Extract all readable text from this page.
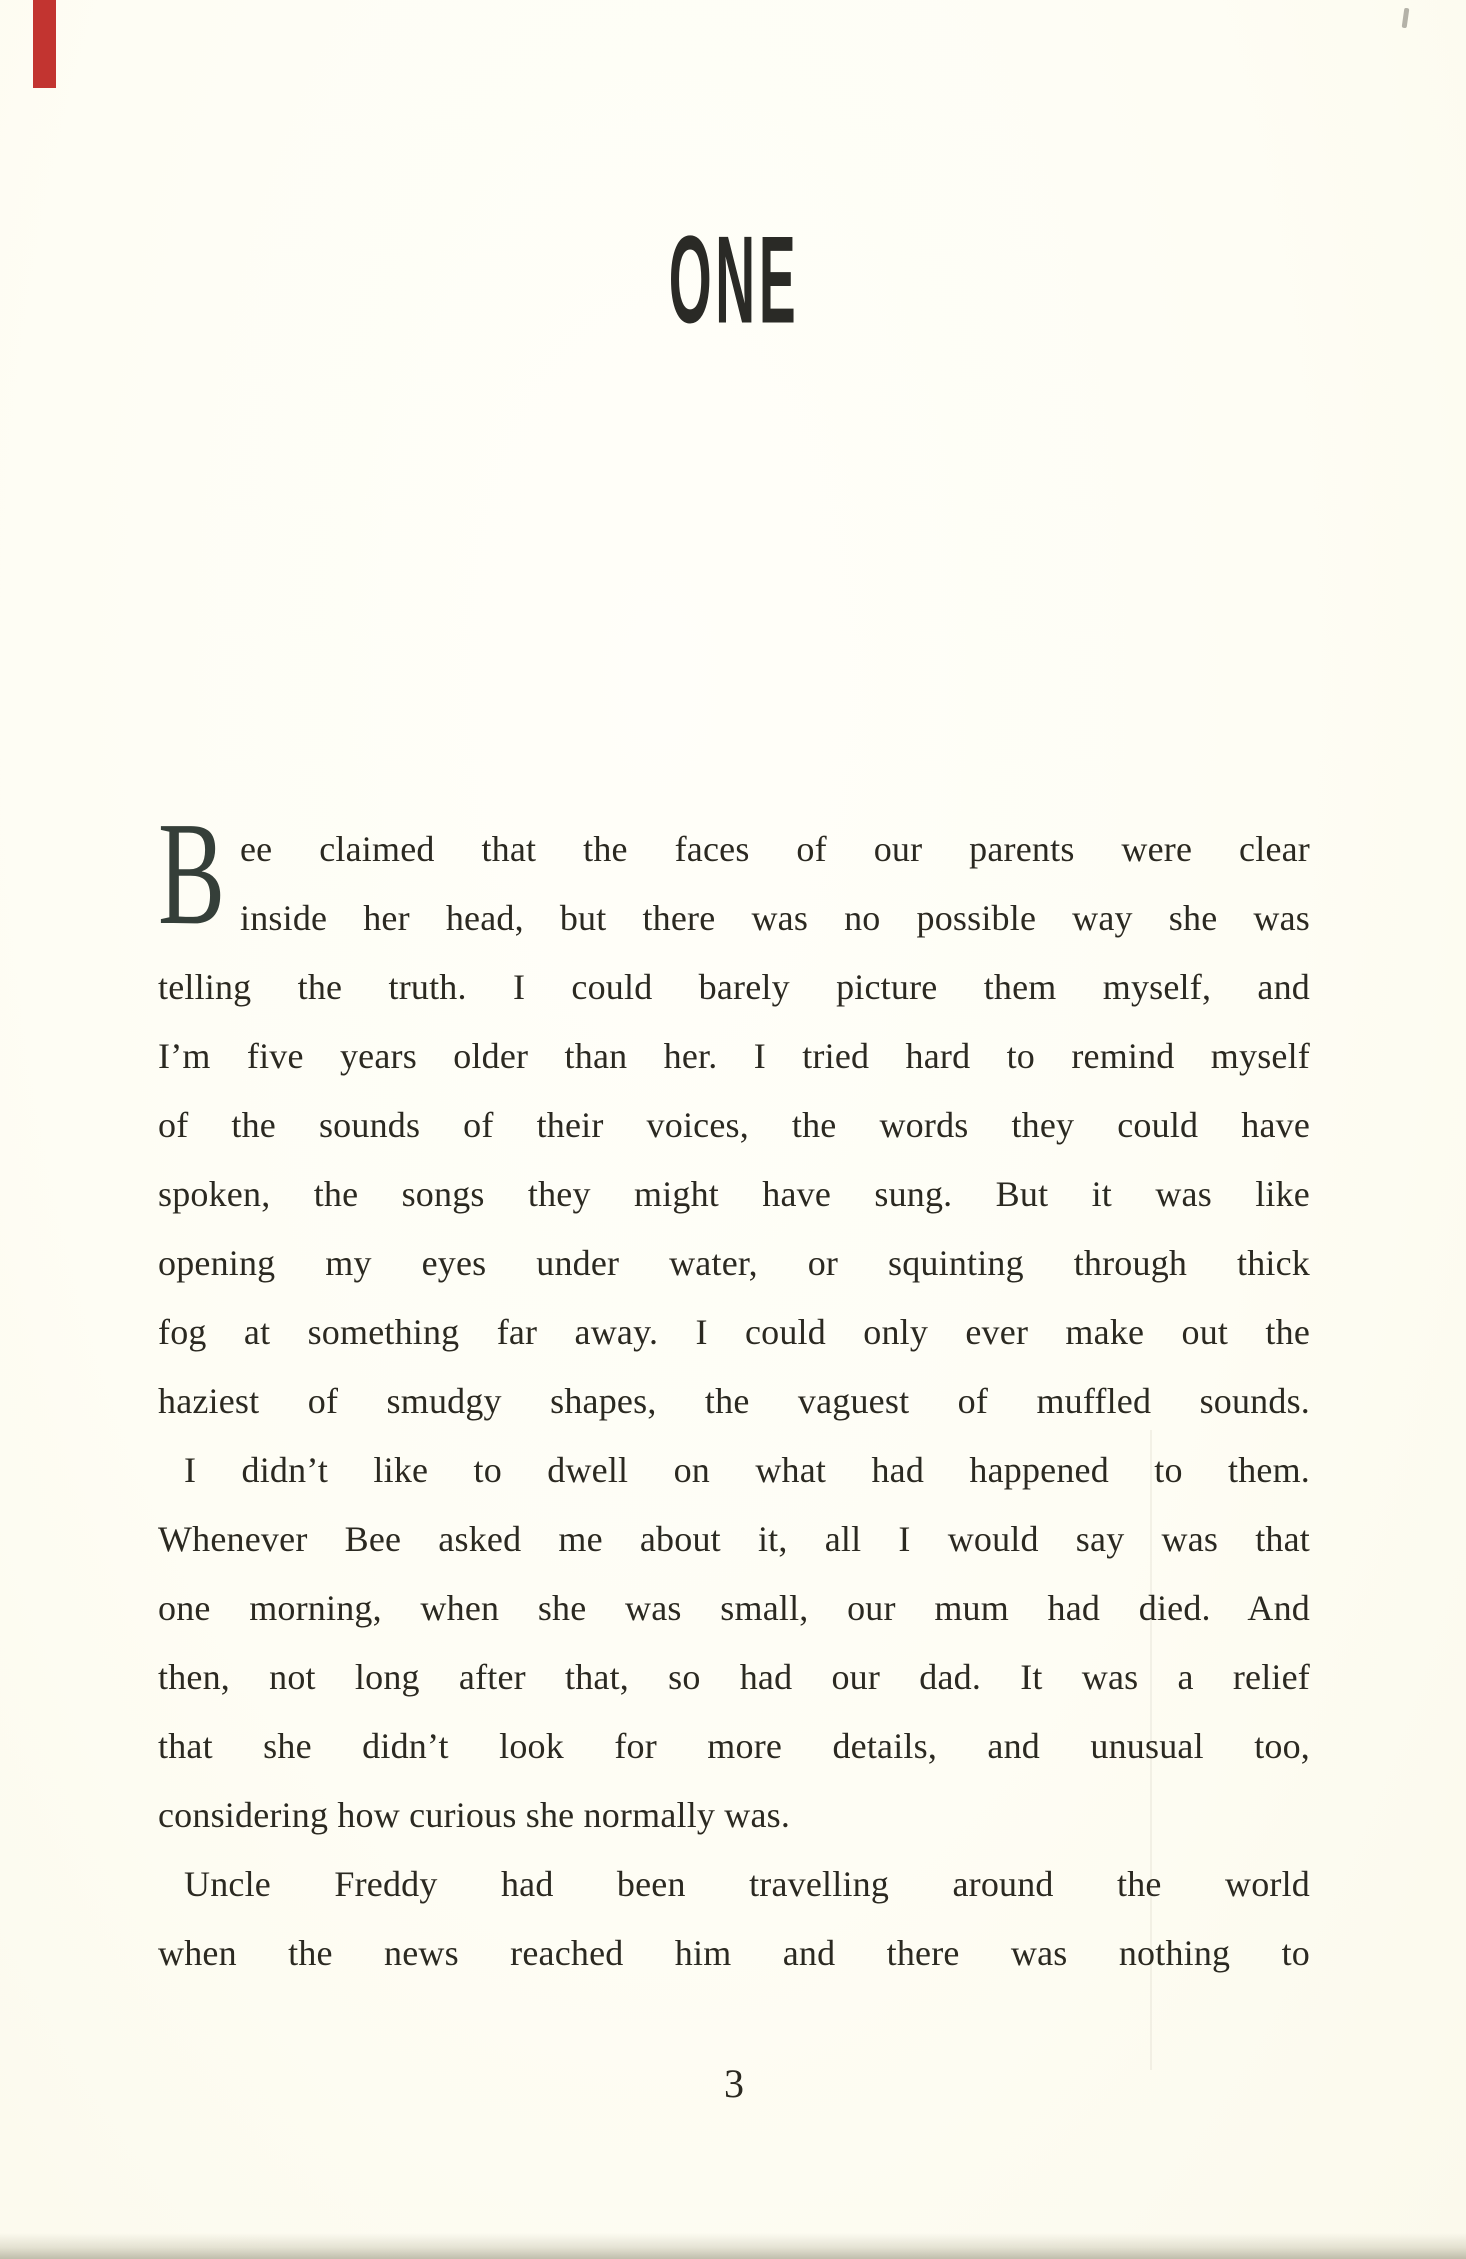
ONE
B ee claimed that the faces of our parents were clear
inside her head, but there was no possible way she was
telling the truth. I could barely picture them myself, and
I’m five years older than her. I tried hard to remind myself
of the sounds of their voices, the words they could have
spoken, the songs they might have sung. But it was like
opening my eyes under water, or squinting through thick
fog at something far away. I could only ever make out the
haziest of smudgy shapes, the vaguest of muffled sounds.
I didn’t like to dwell on what had happened to them.
Whenever Bee asked me about it, all I would say was that
one morning, when she was small, our mum had died. And
then, not long after that, so had our dad. It was a relief
that she didn’t look for more details, and unusual too,
considering how curious she normally was.
Uncle Freddy had been travelling around the world
when the news reached him and there was nothing to
3
